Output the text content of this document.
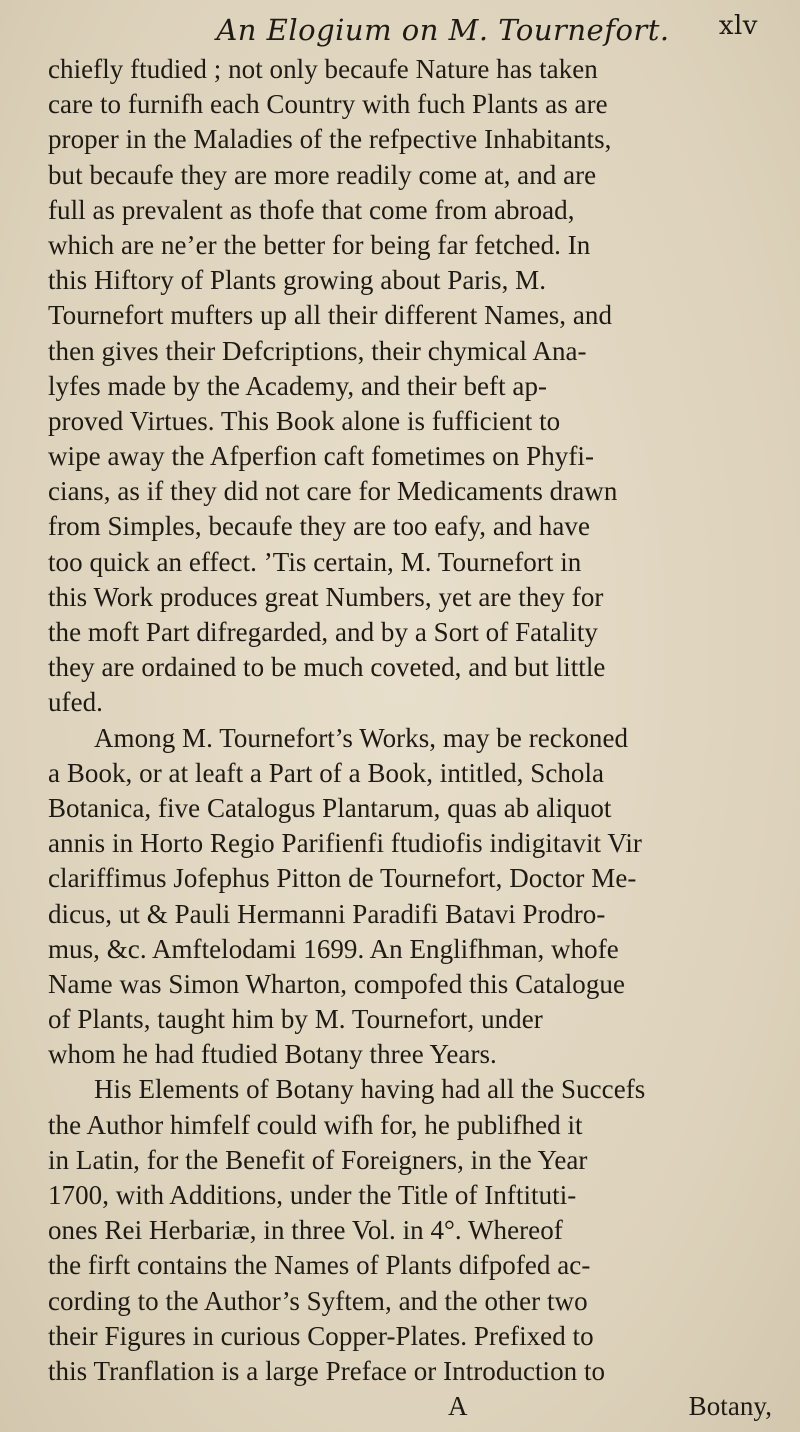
An Elogium on M. Tournefort. xlv
chiefly ftudied ; not only becaufe Nature has taken
care to furnifh each Country with fuch Plants as are
proper in the Maladies of the refpective Inhabitants,
but becaufe they are more readily come at, and are
full as prevalent as thofe that come from abroad,
which are ne’er the better for being far fetched. In
this Hiftory of Plants growing about Paris, M.
Tournefort mufters up all their different Names, and
then gives their Defcriptions, their chymical Ana-
lyfes made by the Academy, and their beft ap-
proved Virtues. This Book alone is fufficient to
wipe away the Afperfion caft fometimes on Phyfi-
cians, as if they did not care for Medicaments drawn
from Simples, becaufe they are too eafy, and have
too quick an effect. ’Tis certain, M. Tournefort in
this Work produces great Numbers, yet are they for
the moft Part difregarded, and by a Sort of Fatality
they are ordained to be much coveted, and but little
ufed.
Among M. Tournefort’s Works, may be reckoned
a Book, or at leaft a Part of a Book, intitled, Schola
Botanica, five Catalogus Plantarum, quas ab aliquot
annis in Horto Regio Parifienfi ftudiofis indigitavit Vir
clariffimus Jofephus Pitton de Tournefort, Doctor Me-
dicus, ut & Pauli Hermanni Paradifi Batavi Prodro-
mus, &c. Amftelodami 1699. An Englifhman, whofe
Name was Simon Wharton, compofed this Catalogue
of Plants, taught him by M. Tournefort, under
whom he had ftudied Botany three Years.
His Elements of Botany having had all the Succefs
the Author himfelf could wifh for, he publifhed it
in Latin, for the Benefit of Foreigners, in the Year
1700, with Additions, under the Title of Inftituti-
ones Rei Herbariæ, in three Vol. in 4°. Whereof
the firft contains the Names of Plants difpofed ac-
cording to the Author’s Syftem, and the other two
their Figures in curious Copper-Plates. Prefixed to
this Tranflation is a large Preface or Introduction to
A	Botany,
